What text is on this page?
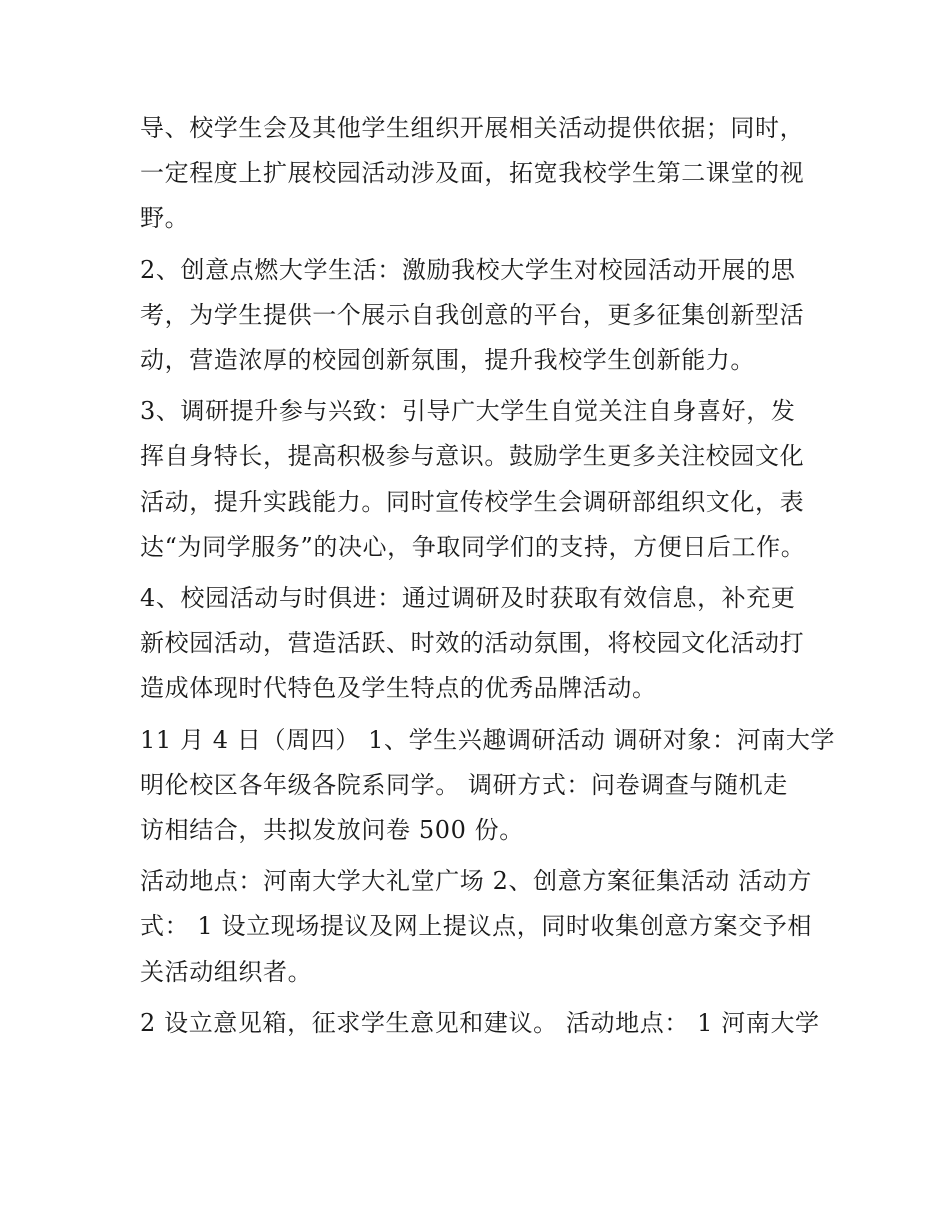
导、校学生会及其他学生组织开展相关活动提供依据；同时，
一定程度上扩展校园活动涉及面，拓宽我校学生第二课堂的视
野。
2、创意点燃大学生活：激励我校大学生对校园活动开展的思
考，为学生提供一个展示自我创意的平台，更多征集创新型活
动，营造浓厚的校园创新氛围，提升我校学生创新能力。
3、调研提升参与兴致：引导广大学生自觉关注自身喜好，发
挥自身特长，提高积极参与意识。鼓励学生更多关注校园文化
活动，提升实践能力。同时宣传校学生会调研部组织文化，表
达“为同学服务”的决心，争取同学们的支持，方便日后工作。
4、校园活动与时俱进：通过调研及时获取有效信息，补充更
新校园活动，营造活跃、时效的活动氛围，将校园文化活动打
造成体现时代特色及学生特点的优秀品牌活动。
11 月 4 日（周四） 1、学生兴趣调研活动 调研对象：河南大学
明伦校区各年级各院系同学。 调研方式：问卷调查与随机走
访相结合，共拟发放问卷 500 份。
活动地点：河南大学大礼堂广场 2、创意方案征集活动 活动方
式： 1 设立现场提议及网上提议点，同时收集创意方案交予相
关活动组织者。
2 设立意见箱，征求学生意见和建议。 活动地点： 1 河南大学
